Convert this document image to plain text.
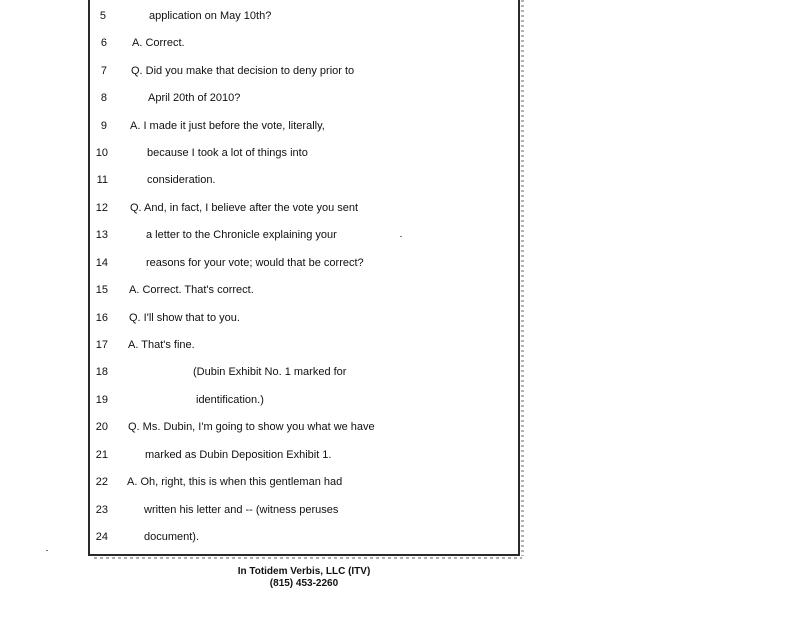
5	application on May 10th?
6 A. Correct.
7 Q. Did you make that decision to deny prior to
8	April 20th of 2010?
9 A. I made it just before the vote, literally,
10	because I took a lot of things into
11	consideration.
12 Q. And, in fact, I believe after the vote you sent
13	a letter to the Chronicle explaining your
14	reasons for your vote; would that be correct?
15 A. Correct. That's correct.
16 Q. I'll show that to you.
17 A. That's fine.
18	(Dubin Exhibit No. 1 marked for
19	identification.)
20 Q. Ms. Dubin, I'm going to show you what we have
21	marked as Dubin Deposition Exhibit 1.
22 A. Oh, right, this is when this gentleman had
23	written his letter and -- (witness peruses
24	document).
In Totidem Verbis, LLC (ITV)
(815) 453-2260
